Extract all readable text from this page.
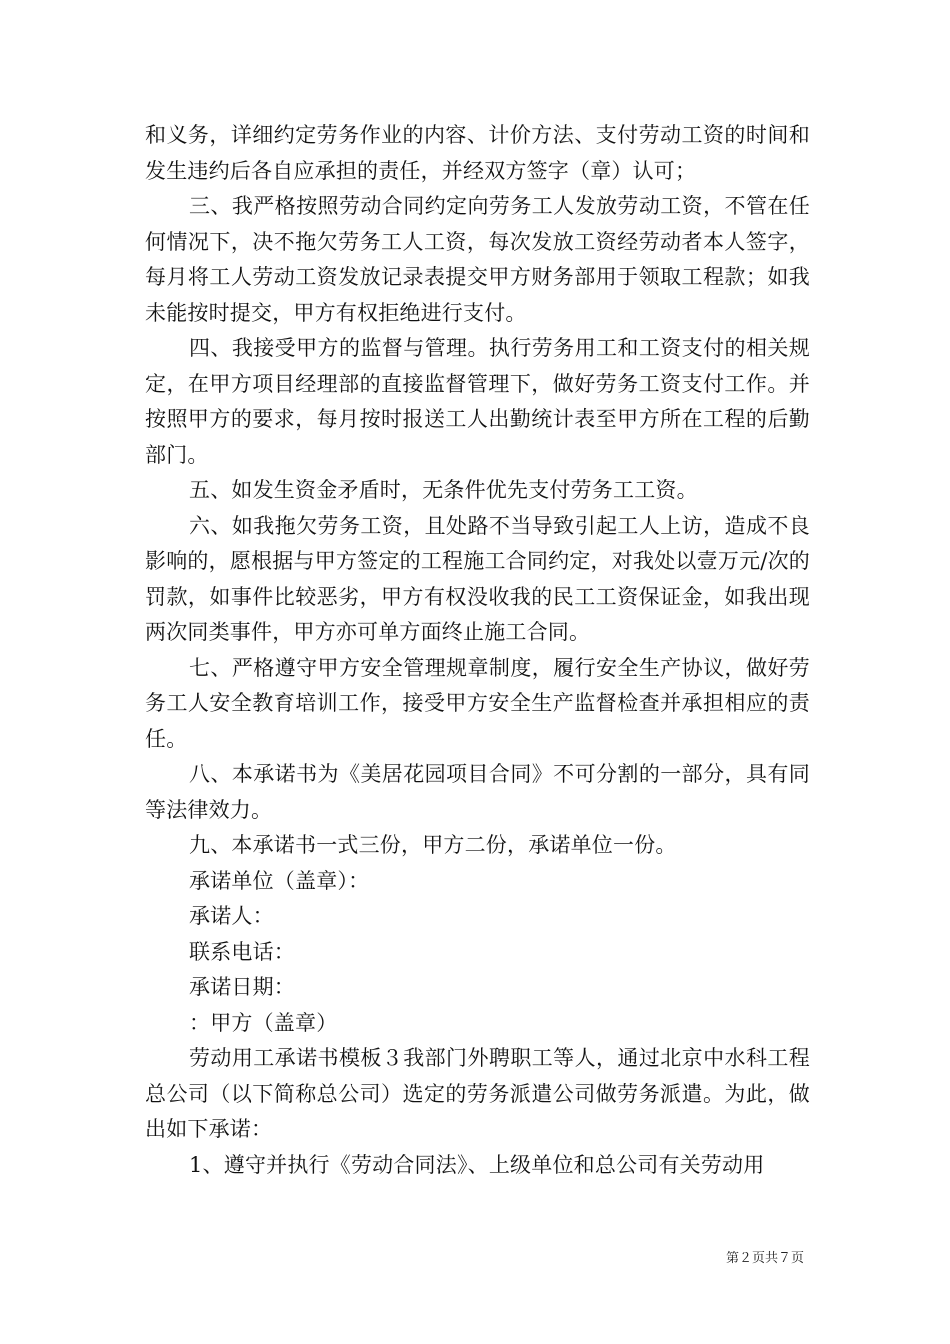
和义务，详细约定劳务作业的内容、计价方法、支付劳动工资的时间和发生违约后各自应承担的责任，并经双方签字（章）认可；

三、我严格按照劳动合同约定向劳务工人发放劳动工资，不管在任何情况下，决不拖欠劳务工人工资，每次发放工资经劳动者本人签字，每月将工人劳动工资发放记录表提交甲方财务部用于领取工程款；如我未能按时提交，甲方有权拒绝进行支付。

四、我接受甲方的监督与管理。执行劳务用工和工资支付的相关规定，在甲方项目经理部的直接监督管理下，做好劳务工资支付工作。并按照甲方的要求，每月按时报送工人出勤统计表至甲方所在工程的后勤部门。

五、如发生资金矛盾时，无条件优先支付劳务工工资。

六、如我拖欠劳务工资，且处路不当导致引起工人上访，造成不良影响的，愿根据与甲方签定的工程施工合同约定，对我处以壹万元/次的罚款，如事件比较恶劣，甲方有权没收我的民工工资保证金，如我出现两次同类事件，甲方亦可单方面终止施工合同。

七、严格遵守甲方安全管理规章制度，履行安全生产协议，做好劳务工人安全教育培训工作，接受甲方安全生产监督检查并承担相应的责任。

八、本承诺书为《美居花园项目合同》不可分割的一部分，具有同等法律效力。

九、本承诺书一式三份，甲方二份，承诺单位一份。

承诺单位（盖章）：

承诺人：

联系电话：

承诺日期：

：甲方（盖章）

劳动用工承诺书模板３我部门外聘职工等人，通过北京中水科工程总公司（以下简称总公司）选定的劳务派遣公司做劳务派遣。为此，做出如下承诺：

1、遵守并执行《劳动合同法》、上级单位和总公司有关劳动用

第２页共７页
